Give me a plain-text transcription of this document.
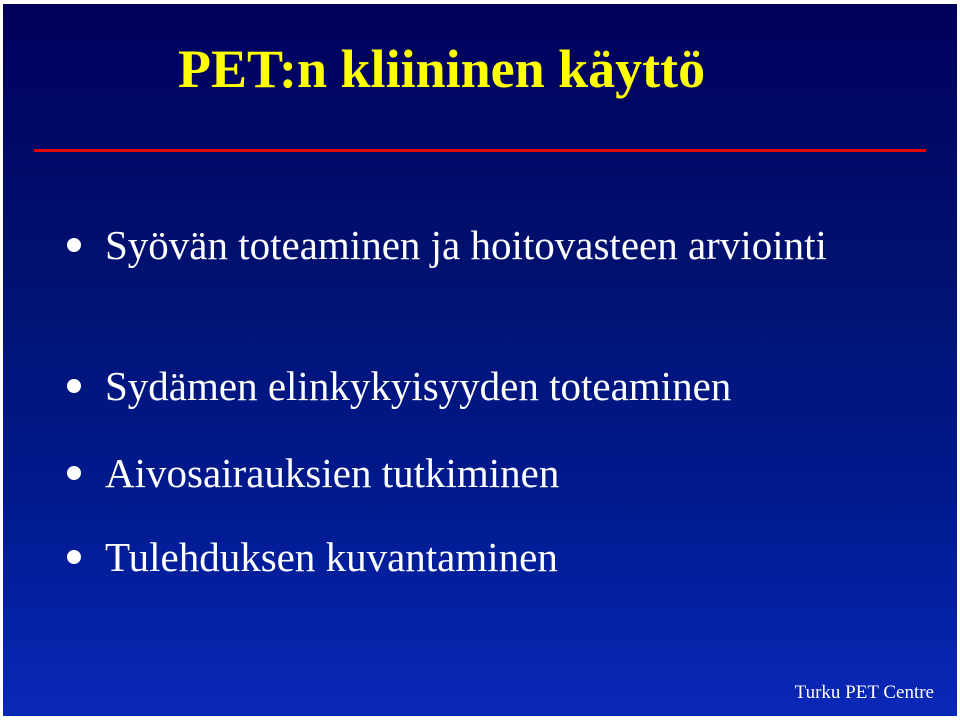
PET:n kliininen käyttö
Syövän toteaminen ja hoitovasteen arviointi
Sydämen elinkykyisyyden toteaminen
Aivosairauksien tutkiminen
Tulehduksen kuvantaminen
Turku PET Centre
